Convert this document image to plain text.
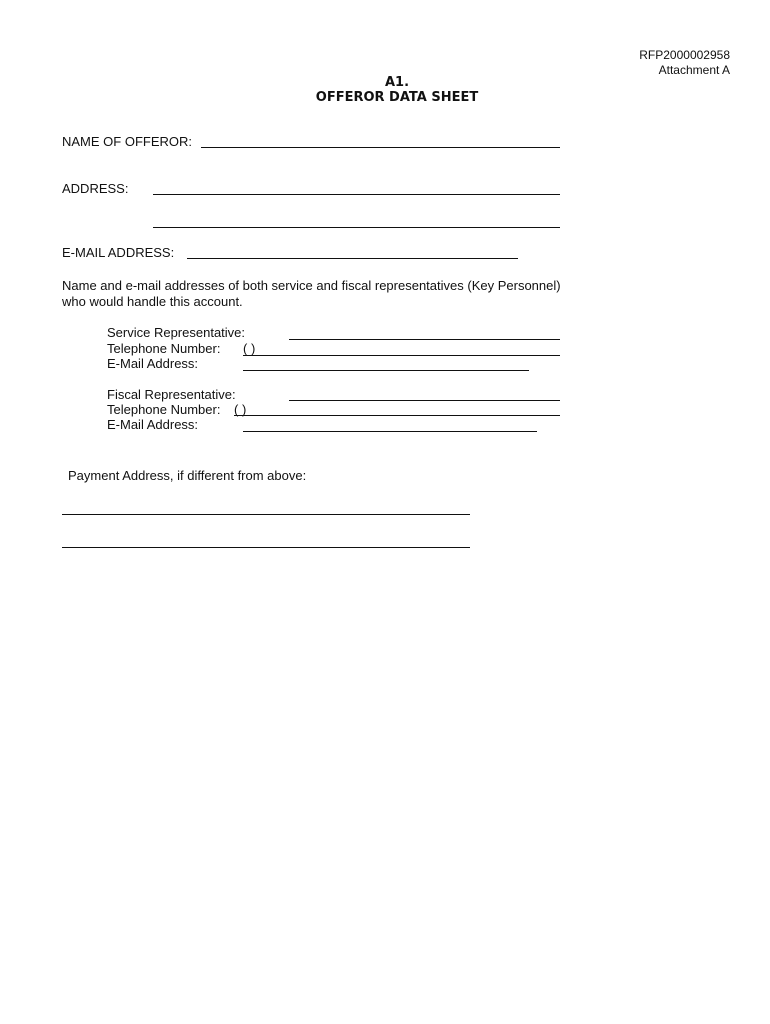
RFP2000002958
Attachment A
A1.
OFFEROR DATA SHEET
NAME OF OFFEROR:
ADDRESS:
E-MAIL ADDRESS:
Name and e-mail addresses of both service and fiscal representatives (Key Personnel)
who would handle this account.
Service Representative:
Telephone Number: ( )
E-Mail Address:
Fiscal Representative:
Telephone Number: ( )
E-Mail Address:
Payment Address, if different from above:
